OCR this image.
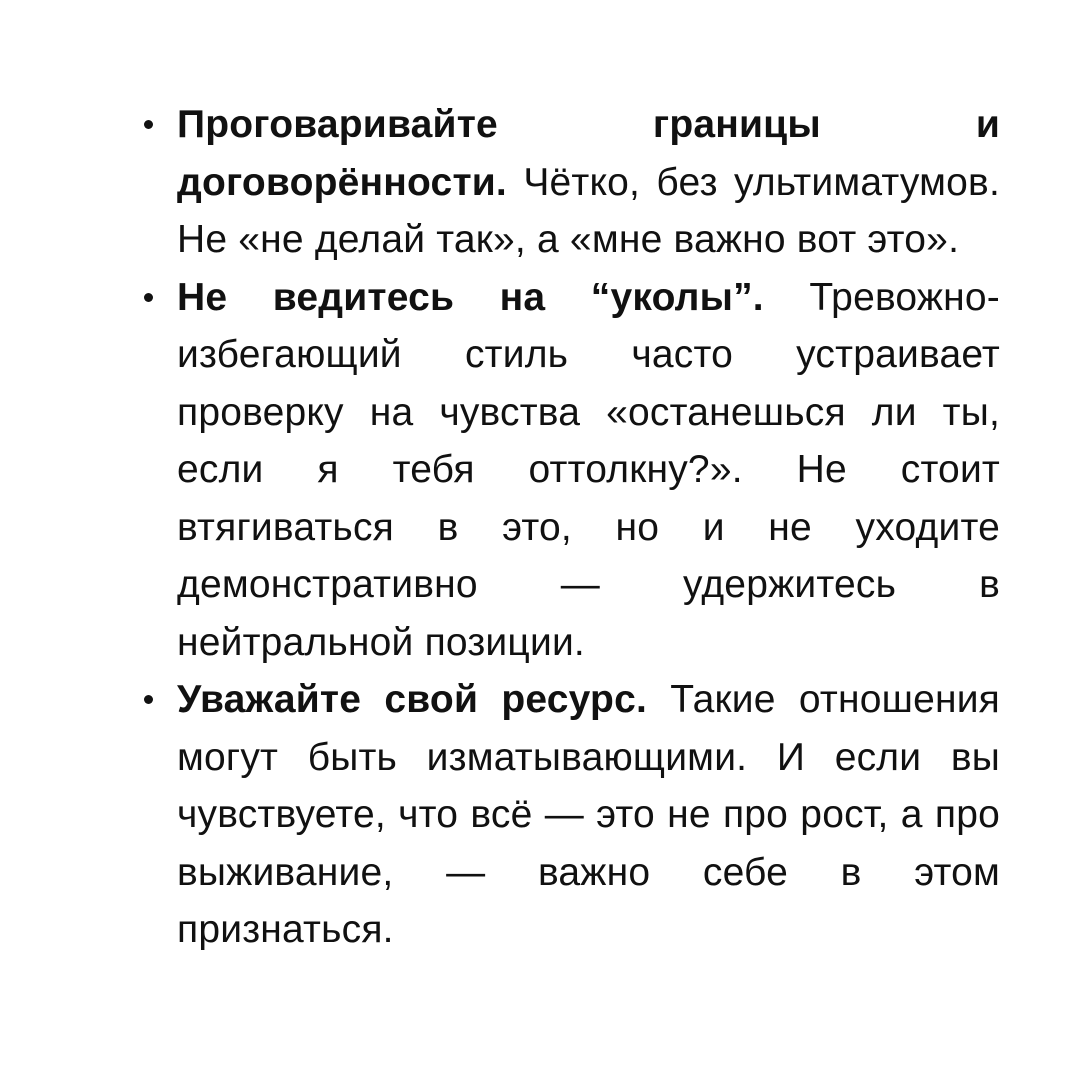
Проговаривайте границы и договорённости. Чётко, без ультиматумов. Не «не делай так», а «мне важно вот это».
Не ведитесь на “уколы”. Тревожно-избегающий стиль часто устраивает проверку на чувства «останешься ли ты, если я тебя оттолкну?». Не стоит втягиваться в это, но и не уходите демонстративно — удержитесь в нейтральной позиции.
Уважайте свой ресурс. Такие отношения могут быть изматывающими. И если вы чувствуете, что всё — это не про рост, а про выживание, — важно себе в этом признаться.
